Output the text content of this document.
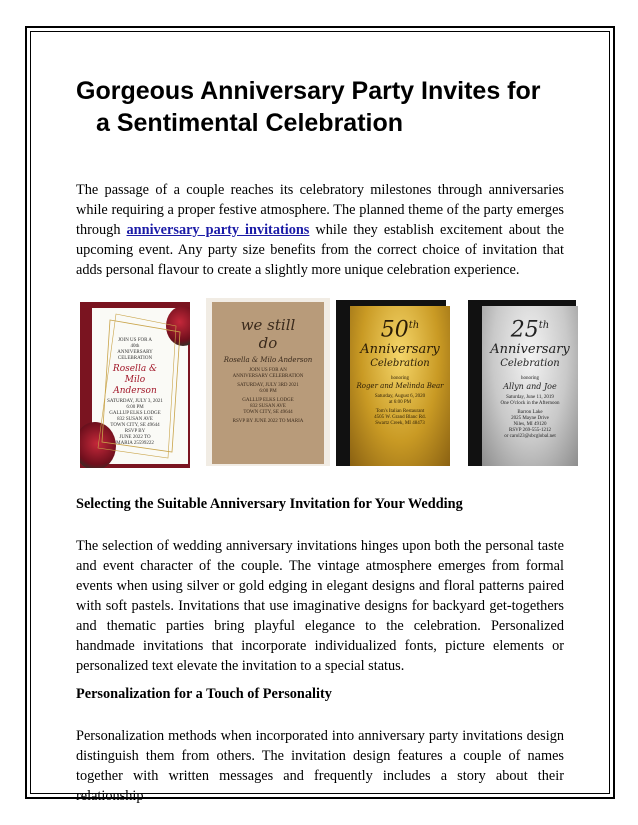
Gorgeous Anniversary Party Invites for
a Sentimental Celebration

The passage of a couple reaches its celebratory milestones through anniversaries while requiring a proper festive atmosphere. The planned theme of the party emerges through anniversary party invitations while they establish excitement about the upcoming event. Any party size benefits from the correct choice of invitation that adds personal flavour to create a slightly more unique celebration experience.

JOIN US FOR A
40th
ANNIVERSARY CELEBRATION
Rosella & Milo Anderson
SATURDAY, JULY 3, 2021
6:00 PM
GALLUP ELKS LODGE
832 SUSAN AVE
TOWN CITY, SE 49644
RSVP BY
JUNE 2022 TO
MARIA 25599222
we still do
Rosella & Milo Anderson
JOIN US FOR AN
ANNIVERSARY CELEBRATION
SATURDAY, JULY 3RD 2021
6:00 PM
GALLUP ELKS LODGE
832 SUSAN AVE
TOWN CITY, SE 49644
RSVP BY JUNE 2022 TO MARIA
50th
Anniversary
Celebration
honoring
Roger and Melinda Bear
Saturday, August 6, 2020
at 6:00 PM
Tom's Italian Restaurant
4505 W. Grand Blanc Rd.
Swartz Creek, MI 48473
25th
Anniversary
Celebration
honoring
Allyn and Joe
Saturday, June 11, 2019
One O'clock in the Afternoon
Barron Lake
2025 Mayne Drive
Niles, MI 49120
RSVP 269-555-1212
or carol23@sbcglobal.net
Selecting the Suitable Anniversary Invitation for Your Wedding

The selection of wedding anniversary invitations hinges upon both the personal taste and event character of the couple. The vintage atmosphere emerges from formal events when using silver or gold edging in elegant designs and floral patterns paired with soft pastels. Invitations that use imaginative designs for backyard get-togethers and thematic parties bring playful elegance to the celebration. Personalized handmade invitations that incorporate individualized fonts, picture elements or personalized text elevate the invitation to a special status.

Personalization for a Touch of Personality

Personalization methods when incorporated into anniversary party invitations design distinguish them from others. The invitation design features a couple of names together with written messages and frequently includes a story about their relationship
